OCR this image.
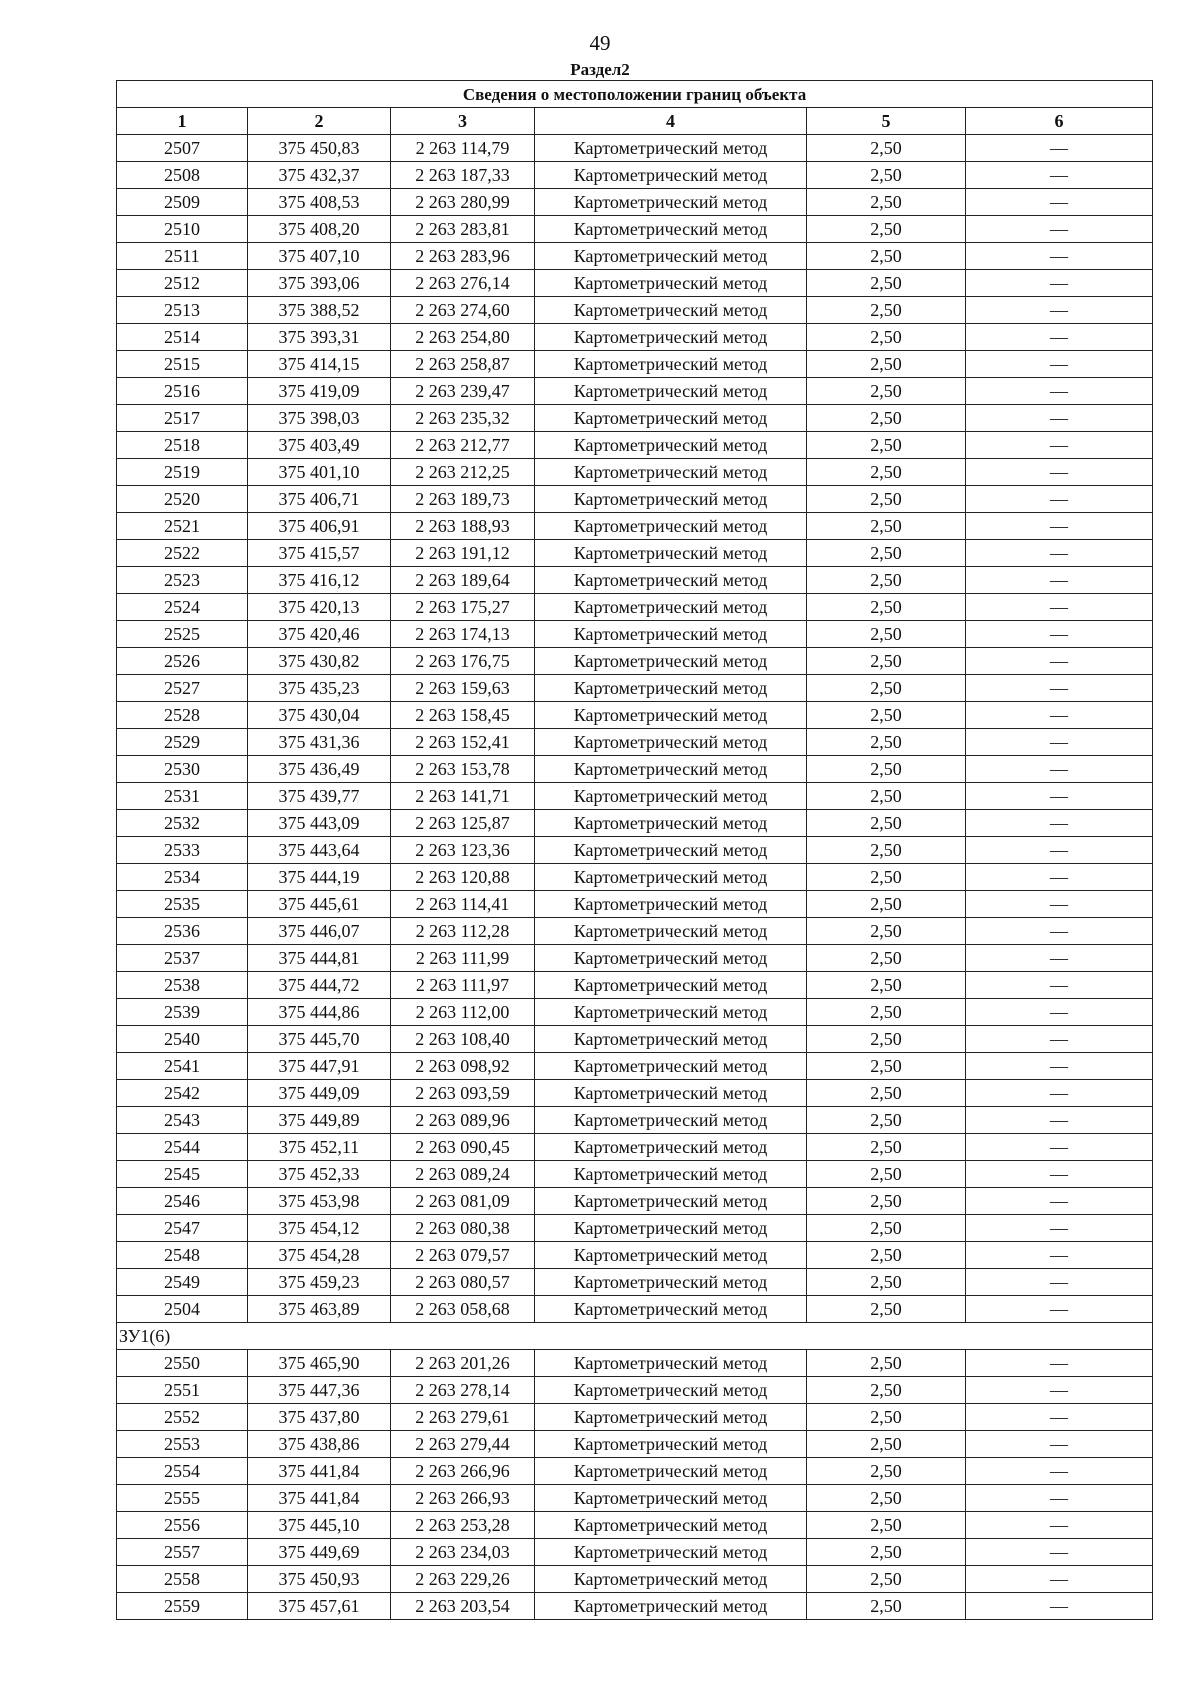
49
Раздел2
Сведения о местоположении границ объекта					
1	2	3	4	5	6
2507	375 450,83	2 263 114,79	Картометрический метод	2,50	—
2508	375 432,37	2 263 187,33	Картометрический метод	2,50	—
2509	375 408,53	2 263 280,99	Картометрический метод	2,50	—
2510	375 408,20	2 263 283,81	Картометрический метод	2,50	—
2511	375 407,10	2 263 283,96	Картометрический метод	2,50	—
2512	375 393,06	2 263 276,14	Картометрический метод	2,50	—
2513	375 388,52	2 263 274,60	Картометрический метод	2,50	—
2514	375 393,31	2 263 254,80	Картометрический метод	2,50	—
2515	375 414,15	2 263 258,87	Картометрический метод	2,50	—
2516	375 419,09	2 263 239,47	Картометрический метод	2,50	—
2517	375 398,03	2 263 235,32	Картометрический метод	2,50	—
2518	375 403,49	2 263 212,77	Картометрический метод	2,50	—
2519	375 401,10	2 263 212,25	Картометрический метод	2,50	—
2520	375 406,71	2 263 189,73	Картометрический метод	2,50	—
2521	375 406,91	2 263 188,93	Картометрический метод	2,50	—
2522	375 415,57	2 263 191,12	Картометрический метод	2,50	—
2523	375 416,12	2 263 189,64	Картометрический метод	2,50	—
2524	375 420,13	2 263 175,27	Картометрический метод	2,50	—
2525	375 420,46	2 263 174,13	Картометрический метод	2,50	—
2526	375 430,82	2 263 176,75	Картометрический метод	2,50	—
2527	375 435,23	2 263 159,63	Картометрический метод	2,50	—
2528	375 430,04	2 263 158,45	Картометрический метод	2,50	—
2529	375 431,36	2 263 152,41	Картометрический метод	2,50	—
2530	375 436,49	2 263 153,78	Картометрический метод	2,50	—
2531	375 439,77	2 263 141,71	Картометрический метод	2,50	—
2532	375 443,09	2 263 125,87	Картометрический метод	2,50	—
2533	375 443,64	2 263 123,36	Картометрический метод	2,50	—
2534	375 444,19	2 263 120,88	Картометрический метод	2,50	—
2535	375 445,61	2 263 114,41	Картометрический метод	2,50	—
2536	375 446,07	2 263 112,28	Картометрический метод	2,50	—
2537	375 444,81	2 263 111,99	Картометрический метод	2,50	—
2538	375 444,72	2 263 111,97	Картометрический метод	2,50	—
2539	375 444,86	2 263 112,00	Картометрический метод	2,50	—
2540	375 445,70	2 263 108,40	Картометрический метод	2,50	—
2541	375 447,91	2 263 098,92	Картометрический метод	2,50	—
2542	375 449,09	2 263 093,59	Картометрический метод	2,50	—
2543	375 449,89	2 263 089,96	Картометрический метод	2,50	—
2544	375 452,11	2 263 090,45	Картометрический метод	2,50	—
2545	375 452,33	2 263 089,24	Картометрический метод	2,50	—
2546	375 453,98	2 263 081,09	Картометрический метод	2,50	—
2547	375 454,12	2 263 080,38	Картометрический метод	2,50	—
2548	375 454,28	2 263 079,57	Картометрический метод	2,50	—
2549	375 459,23	2 263 080,57	Картометрический метод	2,50	—
2504	375 463,89	2 263 058,68	Картометрический метод	2,50	—
ЗУ1(6)					
2550	375 465,90	2 263 201,26	Картометрический метод	2,50	—
2551	375 447,36	2 263 278,14	Картометрический метод	2,50	—
2552	375 437,80	2 263 279,61	Картометрический метод	2,50	—
2553	375 438,86	2 263 279,44	Картометрический метод	2,50	—
2554	375 441,84	2 263 266,96	Картометрический метод	2,50	—
2555	375 441,84	2 263 266,93	Картометрический метод	2,50	—
2556	375 445,10	2 263 253,28	Картометрический метод	2,50	—
2557	375 449,69	2 263 234,03	Картометрический метод	2,50	—
2558	375 450,93	2 263 229,26	Картометрический метод	2,50	—
2559	375 457,61	2 263 203,54	Картометрический метод	2,50	—
